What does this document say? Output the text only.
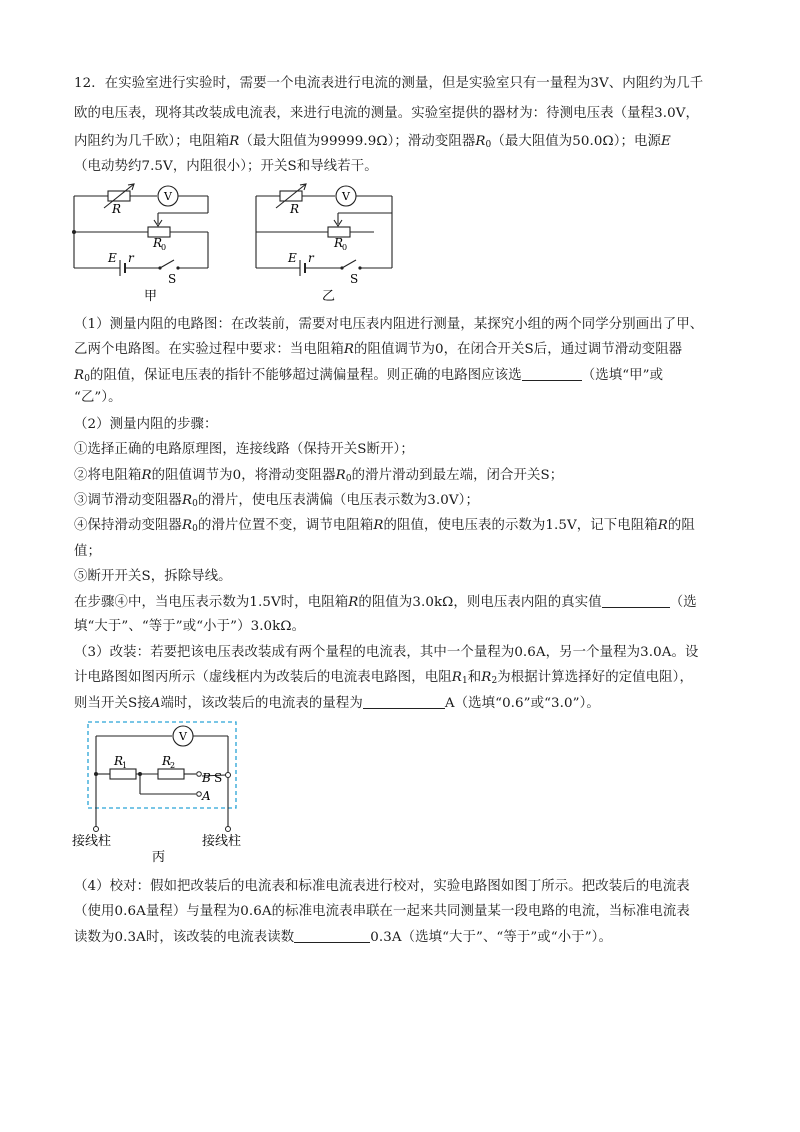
12．在实验室进行实验时，需要一个电流表进行电流的测量，但是实验室只有一量程为3V、内阻约为几千
欧的电压表，现将其改装成电流表，来进行电流的测量。实验室提供的器材为：待测电压表（量程3.0V，
内阻约为几千欧）；电阻箱R（最大阻值为99999.9Ω）；滑动变阻器$R_0$（最大阻值为50.0Ω）；电源E
（电动势约7.5V，内阻很小）；开关S和导线若干。
V
R
R
0
E r
S
甲
V
R
R
0
E r
S
乙
（1）测量内阻的电路图：在改装前，需要对电压表内阻进行测量，某探究小组的两个同学分别画出了甲、
乙两个电路图。在实验过程中要求：当电阻箱R的阻值调节为0，在闭合开关S后，通过调节滑动变阻器
$R_0$的阻值，保证电压表的指针不能够超过满偏量程。则正确的电路图应该选	（选填“甲”或
“乙”）。
（2）测量内阻的步骤：
①选择正确的电路原理图，连接线路（保持开关S断开）；
②将电阻箱R的阻值调节为0，将滑动变阻器$R_0$的滑片滑动到最左端，闭合开关S；
③调节滑动变阻器$R_0$的滑片，使电压表满偏（电压表示数为3.0V）；
④保持滑动变阻器$R_0$的滑片位置不变，调节电阻箱R的阻值，使电压表的示数为1.5V，记下电阻箱R的阻
值；
⑤断开开关S，拆除导线。
在步骤④中，当电压表示数为1.5V时，电阻箱R的阻值为3.0kΩ，则电压表内阻的真实值	（选
填“大于”、“等于”或“小于”）3.0kΩ。
（3）改装：若要把该电压表改装成有两个量程的电流表，其中一个量程为0.6A，另一个量程为3.0A。设
计电路图如图丙所示（虚线框内为改装后的电流表电路图，电阻$R_1$和$R_2$为根据计算选择好的定值电阻），
则当开关S接A端时，该改装后的电流表的量程为	A（选填“0.6”或“3.0”）。
V
R
1	R
2
B S
A
接线柱	接线柱
丙
（4）校对：假如把改装后的电流表和标准电流表进行校对，实验电路图如图丁所示。把改装后的电流表
（使用0.6A量程）与量程为0.6A的标准电流表串联在一起来共同测量某一段电路的电流，当标准电流表
读数为0.3A时，该改装的电流表读数	0.3A（选填“大于”、“等于”或“小于”）。
